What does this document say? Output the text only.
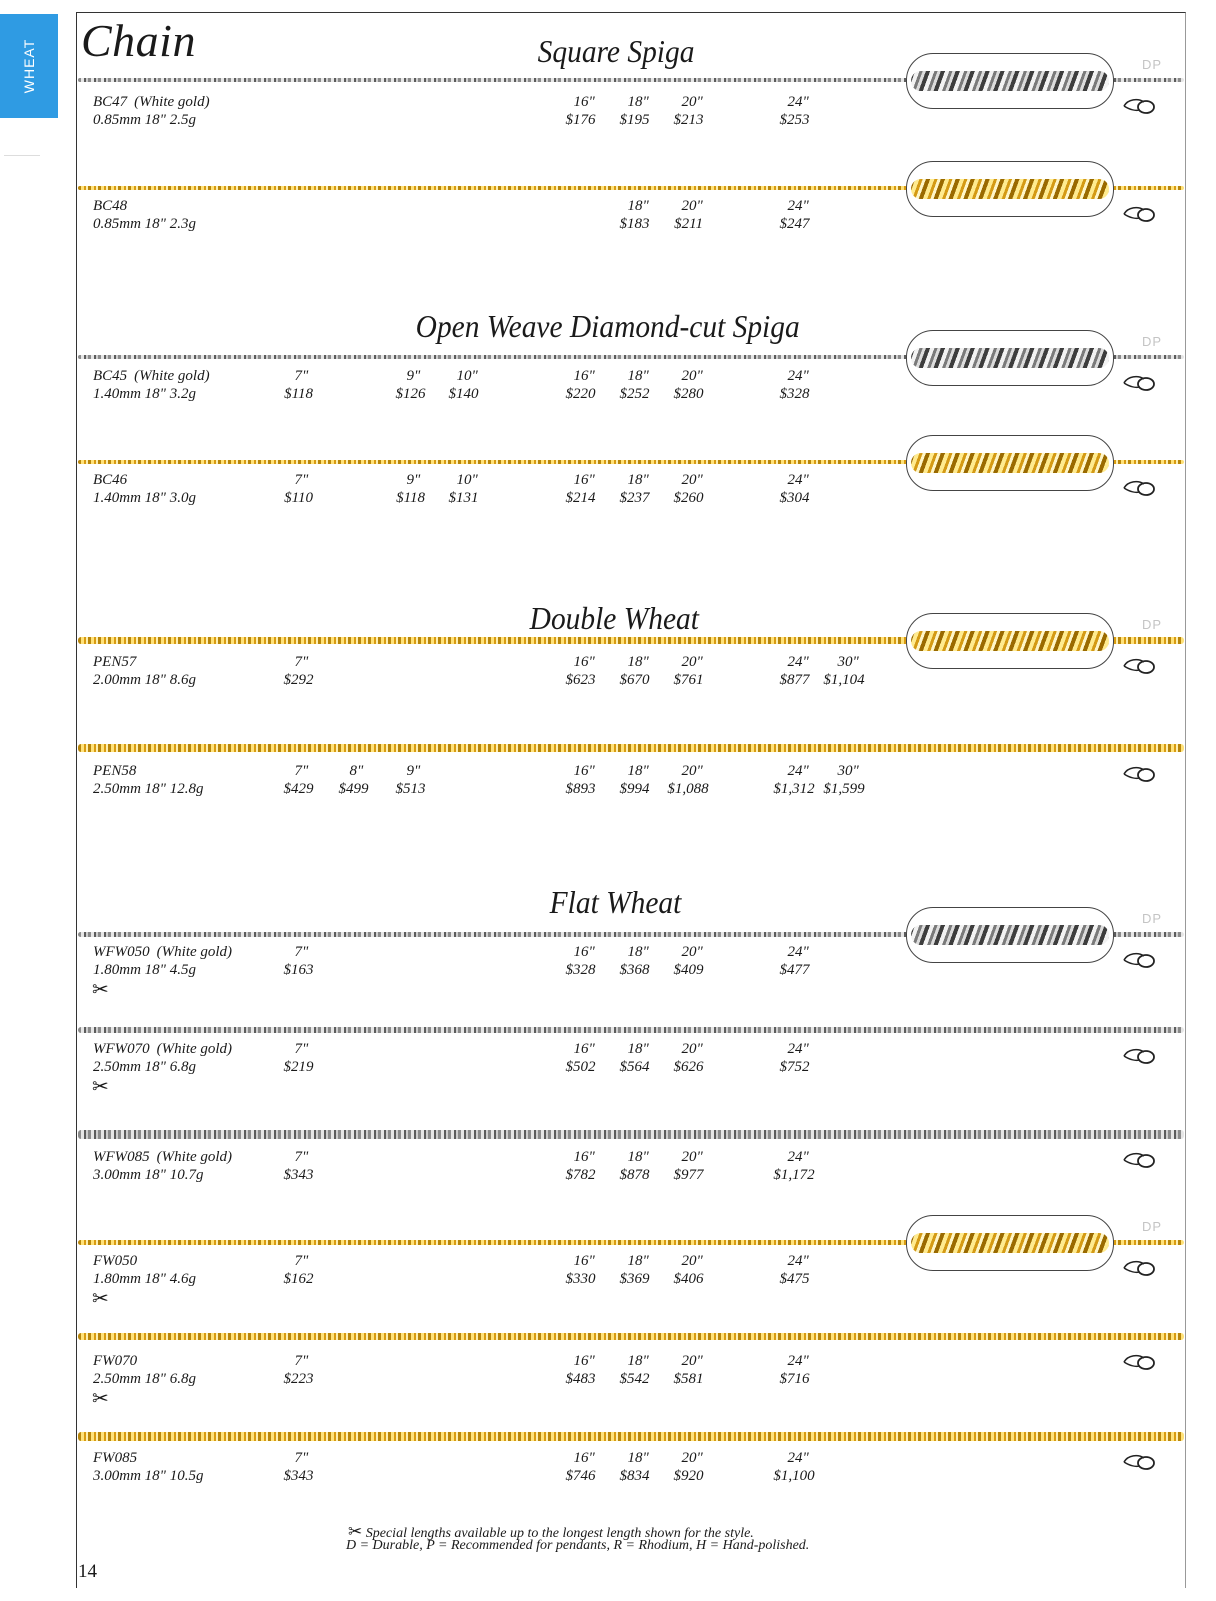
WHEAT Chain
14
✂ Special lengths available up to the longest length shown for the style.
D = Durable, P = Recommended for pendants, R = Rhodium, H = Hand-polished.
DP
BC47 (White gold)
0.85mm 18" 2.5g
16"
$176
18"
$195
20"
$213
24"
$253
BC48
0.85mm 18" 2.3g
18"
$183
20"
$211
24"
$247
Square Spiga
DP
BC45 (White gold)
1.40mm 18" 3.2g
7"
$118
9"
$126
10"
$140
16"
$220
18"
$252
20"
$280
24"
$328
BC46
1.40mm 18" 3.0g
7"
$110
9"
$118
10"
$131
16"
$214
18"
$237
20"
$260
24"
$304
Open Weave Diamond-cut Spiga
DP
PEN57
2.00mm 18" 8.6g
7"
$292
16"
$623
18"
$670
20"
$761
24"
$877
30"
$1,104
PEN58
2.50mm 18" 12.8g
7"
$429
8"
$499
9"
$513
16"
$893
18"
$994
20"
$1,088
24"
$1,312
30"
$1,599
Double Wheat
DP
WFW050 (White gold)
1.80mm 18" 4.5g
✂
7"
$163
16"
$328
18"
$368
20"
$409
24"
$477
WFW070 (White gold)
2.50mm 18" 6.8g
✂
7"
$219
16"
$502
18"
$564
20"
$626
24"
$752
WFW085 (White gold)
3.00mm 18" 10.7g
7"
$343
16"
$782
18"
$878
20"
$977
24"
$1,172
DP
FW050
1.80mm 18" 4.6g
✂
7"
$162
16"
$330
18"
$369
20"
$406
24"
$475
FW070
2.50mm 18" 6.8g
✂
7"
$223
16"
$483
18"
$542
20"
$581
24"
$716
FW085
3.00mm 18" 10.5g
7"
$343
16"
$746
18"
$834
20"
$920
24"
$1,100
Flat Wheat
